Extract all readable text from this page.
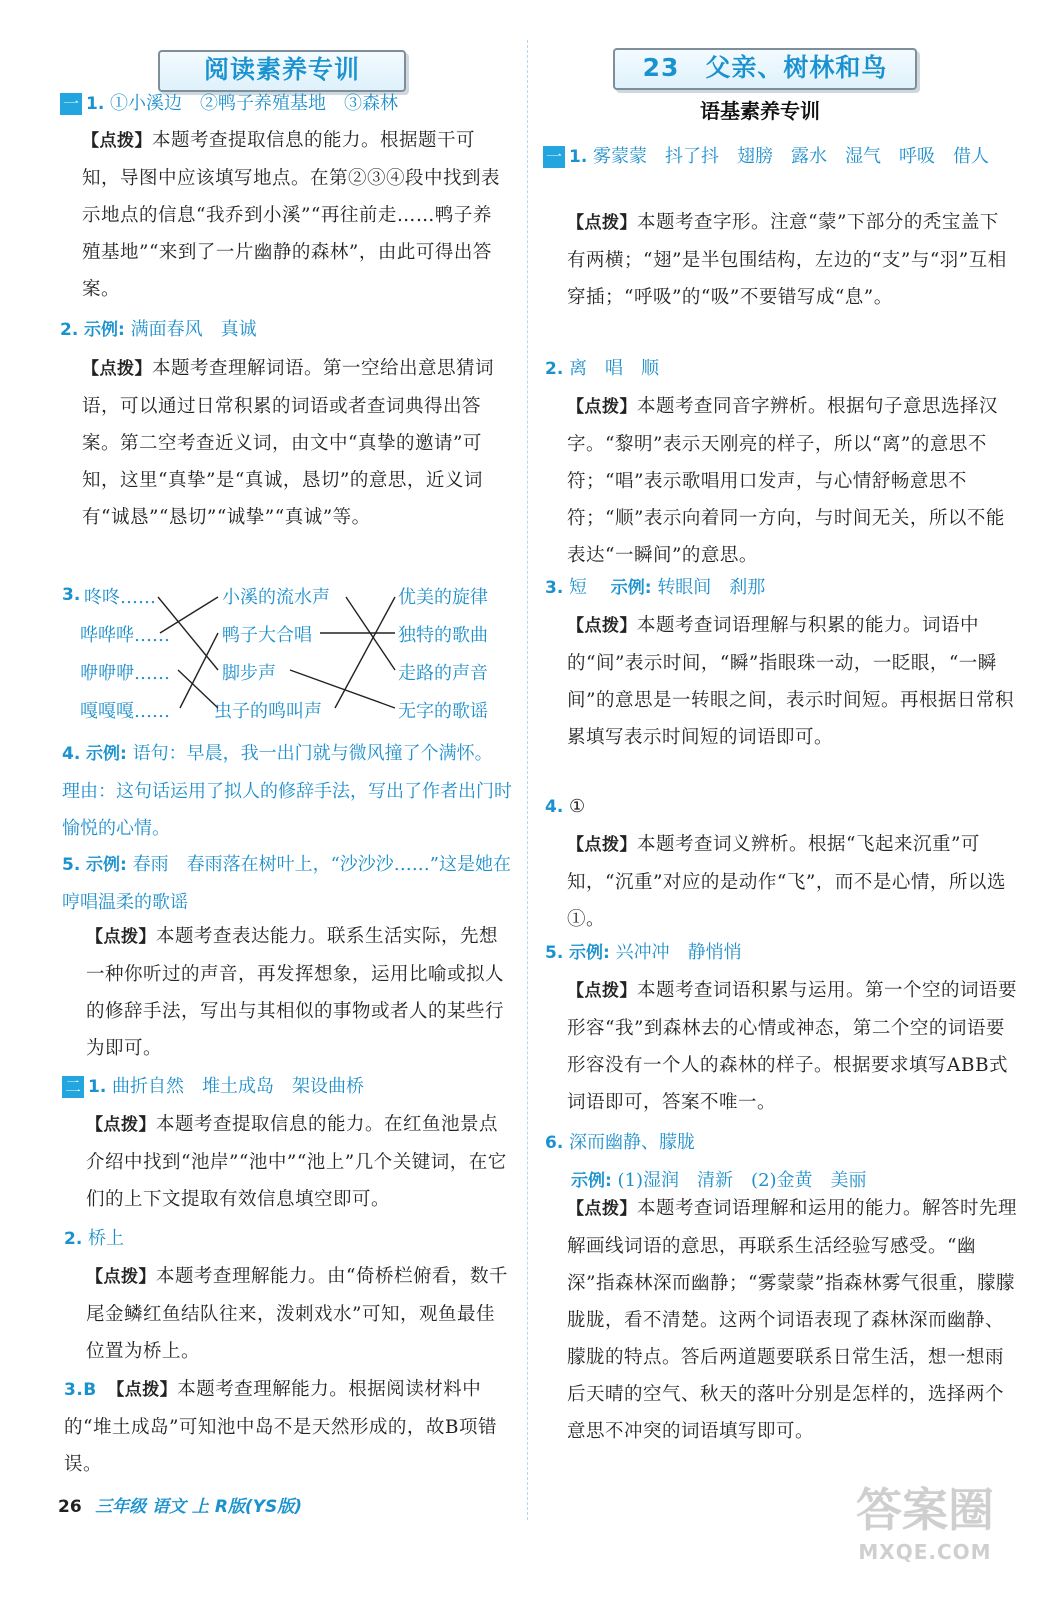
阅读素养专训
一 1. ①小溪边　②鸭子养殖基地　③森林
【点拨】本题考查提取信息的能力。根据题干可知，导图中应该填写地点。在第②③④段中找到表示地点的信息“我乔到小溪”“再往前走……鸭子养殖基地”“来到了一片幽静的森林”，由此可得出答案。
2. 示例: 满面春风　真诚
【点拨】本题考查理解词语。第一空给出意思猜词语，可以通过日常积累的词语或者查词典得出答案。第二空考查近义词，由文中“真挚的邀请”可知，这里“真挚”是“真诚，恳切”的意思，近义词有“诚恳”“恳切”“诚挚”“真诚”等。
3. 咚咚……
哗哗哗……
咿咿咿……
嘎嘎嘎……
小溪的流水声
鸭子大合唱
脚步声
虫子的鸣叫声
优美的旋律
独特的歌曲
走路的声音
无字的歌谣
4. 示例: 语句：早晨，我一出门就与微风撞了个满怀。　理由：这句话运用了拟人的修辞手法，写出了作者出门时愉悦的心情。
5. 示例: 春雨　春雨落在树叶上，“沙沙沙……”这是她在哼唱温柔的歌谣
【点拨】本题考查表达能力。联系生活实际，先想一种你听过的声音，再发挥想象，运用比喻或拟人的修辞手法，写出与其相似的事物或者人的某些行为即可。
二 1. 曲折自然　堆土成岛　架设曲桥
【点拨】本题考查提取信息的能力。在红鱼池景点介绍中找到“池岸”“池中”“池上”几个关键词，在它们的上下文提取有效信息填空即可。
2. 桥上
【点拨】本题考查理解能力。由“倚桥栏俯看，数千尾金鳞红鱼结队往来，泼刺戏水”可知，观鱼最佳位置为桥上。
3.B　 【点拨】本题考查理解能力。根据阅读材料中的“堆土成岛”可知池中岛不是天然形成的，故B项错误。
26 三年级 语文 上 R版(YS版)
23　父亲、树林和鸟
语基素养专训
一 1. 雾蒙蒙　抖了抖　翅膀　露水　湿气　呼吸　借人
【点拨】本题考查字形。注意“蒙”下部分的秃宝盖下有两横；“翅”是半包围结构，左边的“支”与“羽”互相穿插；“呼吸”的“吸”不要错写成“息”。
2. 离　唱　顺
【点拨】本题考查同音字辨析。根据句子意思选择汉字。“黎明”表示天刚亮的样子，所以“离”的意思不符；“唱”表示歌唱用口发声，与心情舒畅意思不符；“顺”表示向着同一方向，与时间无关，所以不能表达“一瞬间”的意思。
3. 短　 示例: 转眼间　刹那
【点拨】本题考查词语理解与积累的能力。词语中的“间”表示时间，“瞬”指眼珠一动，一眨眼，“一瞬间”的意思是一转眼之间，表示时间短。再根据日常积累填写表示时间短的词语即可。
4. ①
【点拨】本题考查词义辨析。根据“飞起来沉重”可知，“沉重”对应的是动作“飞”，而不是心情，所以选①。
5. 示例: 兴冲冲　静悄悄
【点拨】本题考查词语积累与运用。第一个空的词语要形容“我”到森林去的心情或神态，第二个空的词语要形容没有一个人的森林的样子。根据要求填写ABB式词语即可，答案不唯一。
6. 深而幽静、朦胧
示例: (1)湿润　清新　(2)金黄　美丽
【点拨】本题考查词语理解和运用的能力。解答时先理解画线词语的意思，再联系生活经验写感受。“幽深”指森林深而幽静；“雾蒙蒙”指森林雾气很重，朦朦胧胧，看不清楚。这两个词语表现了森林深而幽静、朦胧的特点。答后两道题要联系日常生活，想一想雨后天晴的空气、秋天的落叶分别是怎样的，选择两个意思不冲突的词语填写即可。
答案圈
MXQE.COM
